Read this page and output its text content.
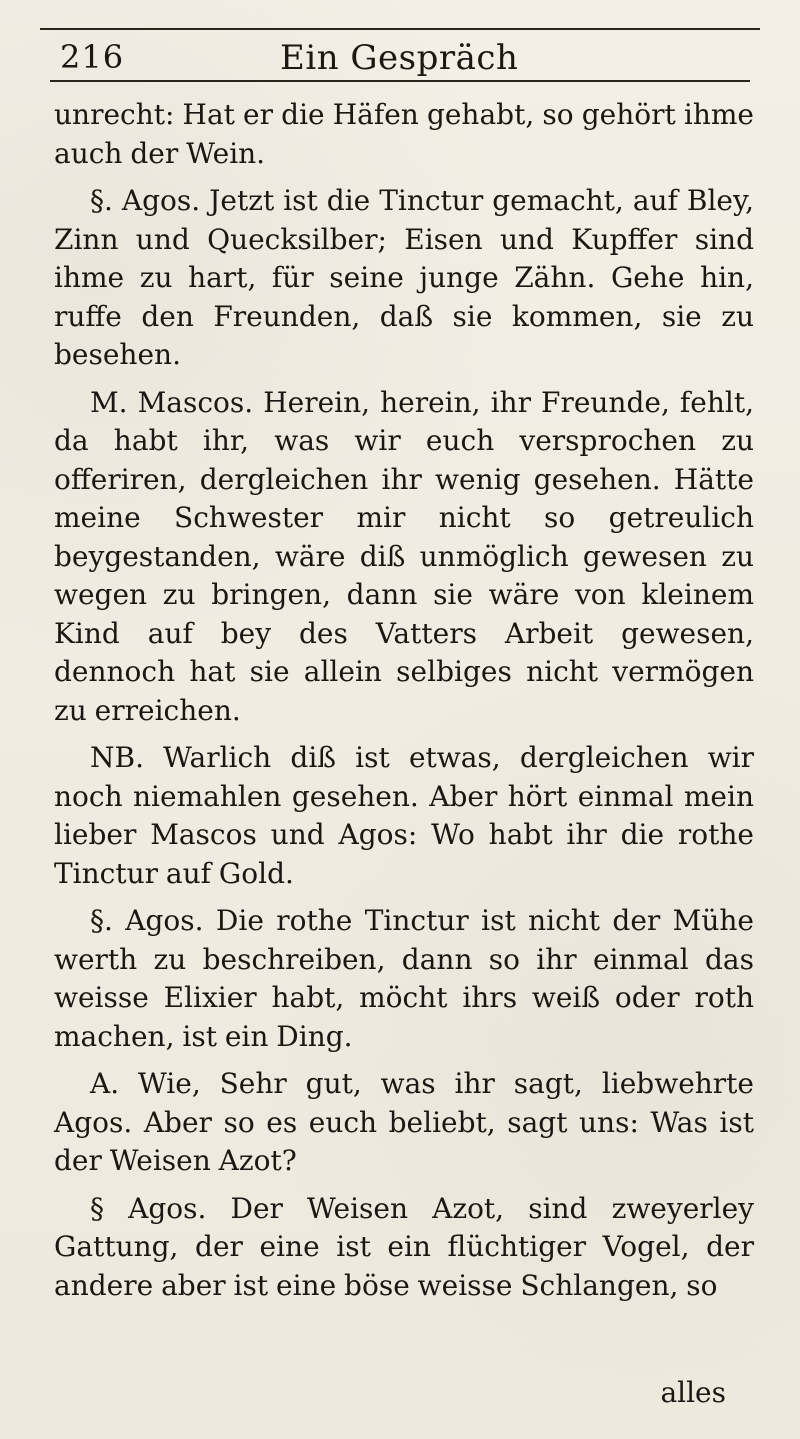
216	Ein Gespräch

unrecht: Hat er die Häfen gehabt, so gehört ihme auch der Wein.

§. Agos. Jetzt ist die Tinctur gemacht, auf Bley, Zinn und Quecksilber; Eisen und Kupffer sind ihme zu hart, für seine junge Zähn. Gehe hin, ruffe den Freunden, daß sie kommen, sie zu besehen.

M. Mascos. Herein, herein, ihr Freunde, fehlt, da habt ihr, was wir euch versprochen zu offeriren, dergleichen ihr wenig gesehen. Hätte meine Schwester mir nicht so getreulich beygestanden, wäre diß unmöglich gewesen zu wegen zu bringen, dann sie wäre von kleinem Kind auf bey des Vatters Arbeit gewesen, dennoch hat sie allein selbiges nicht vermögen zu erreichen.

NB. Warlich diß ist etwas, dergleichen wir noch niemahlen gesehen. Aber hört einmal mein lieber Mascos und Agos: Wo habt ihr die rothe Tinctur auf Gold.

§. Agos. Die rothe Tinctur ist nicht der Mühe werth zu beschreiben, dann so ihr einmal das weisse Elixier habt, möcht ihrs weiß oder roth machen, ist ein Ding.

A. Wie, Sehr gut, was ihr sagt, liebwehrte Agos. Aber so es euch beliebt, sagt uns: Was ist der Weisen Azot?

§ Agos. Der Weisen Azot, sind zweyerley Gattung, der eine ist ein flüchtiger Vogel, der andere aber ist eine böse weisse Schlangen, so

alles
